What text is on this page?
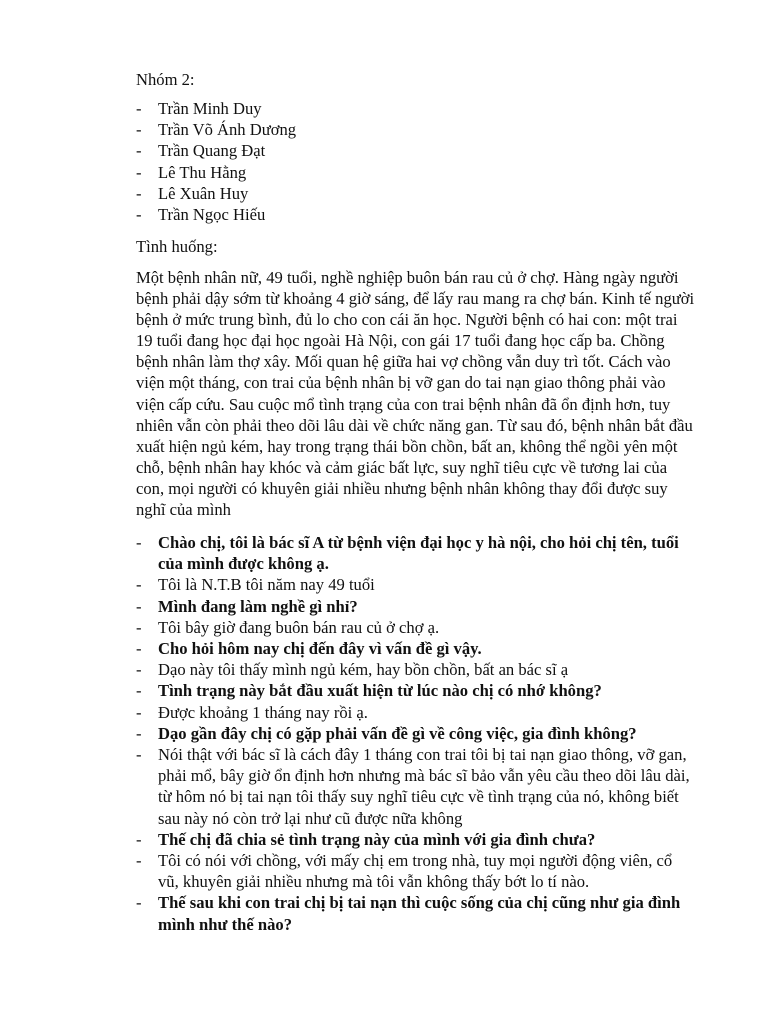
Nhóm 2:
- Trần Minh Duy
- Trần Võ Ánh Dương
- Trần Quang Đạt
- Lê Thu Hằng
- Lê Xuân Huy
- Trần Ngọc Hiếu
Tình huống:

Một bệnh nhân nữ, 49 tuổi, nghề nghiệp buôn bán rau củ ở chợ. Hàng ngày người bệnh phải dậy sớm từ khoảng 4 giờ sáng, để lấy rau mang ra chợ bán. Kinh tế người bệnh ở mức trung bình, đủ lo cho con cái ăn học. Người bệnh có hai con: một trai 19 tuổi đang học đại học ngoài Hà Nội, con gái 17 tuổi đang học cấp ba. Chồng bệnh nhân làm thợ xây. Mối quan hệ giữa hai vợ chồng vẫn duy trì tốt. Cách vào viện một tháng, con trai của bệnh nhân bị vỡ gan do tai nạn giao thông phải vào viện cấp cứu. Sau cuộc mổ tình trạng của con trai bệnh nhân đã ổn định hơn, tuy nhiên vẫn còn phải theo dõi lâu dài về chức năng gan. Từ sau đó, bệnh nhân bắt đầu xuất hiện ngủ kém, hay trong trạng thái bồn chồn, bất an, không thể ngồi yên một chỗ, bệnh nhân hay khóc và cảm giác bất lực, suy nghĩ tiêu cực về tương lai của con, mọi người có khuyên giải nhiều nhưng bệnh nhân không thay đổi được suy nghĩ của mình

- Chào chị, tôi là bác sĩ A từ bệnh viện đại học y hà nội, cho hỏi chị tên, tuổi của mình được không ạ.
- Tôi là N.T.B tôi năm nay 49 tuổi
- Mình đang làm nghề gì nhỉ?
- Tôi bây giờ đang buôn bán rau củ ở chợ ạ.
- Cho hỏi hôm nay chị đến đây vì vấn đề gì vậy.
- Dạo này tôi thấy mình ngủ kém, hay bồn chồn, bất an bác sĩ ạ
- Tình trạng này bắt đầu xuất hiện từ lúc nào chị có nhớ không?
- Được khoảng 1 tháng nay rồi ạ.
- Dạo gần đây chị có gặp phải vấn đề gì về công việc, gia đình không?
- Nói thật với bác sĩ là cách đây 1 tháng con trai tôi bị tai nạn giao thông, vỡ gan, phải mổ, bây giờ ổn định hơn nhưng mà bác sĩ bảo vẫn yêu cầu theo dõi lâu dài, từ hôm nó bị tai nạn tôi thấy suy nghĩ tiêu cực về tình trạng của nó, không biết sau này nó còn trở lại như cũ được nữa không
- Thế chị đã chia sẻ tình trạng này của mình với gia đình chưa?
- Tôi có nói với chồng, với mấy chị em trong nhà, tuy mọi người động viên, cổ vũ, khuyên giải nhiều nhưng mà tôi vẫn không thấy bớt lo tí nào.
- Thế sau khi con trai chị bị tai nạn thì cuộc sống của chị cũng như gia đình mình như thế nào?
